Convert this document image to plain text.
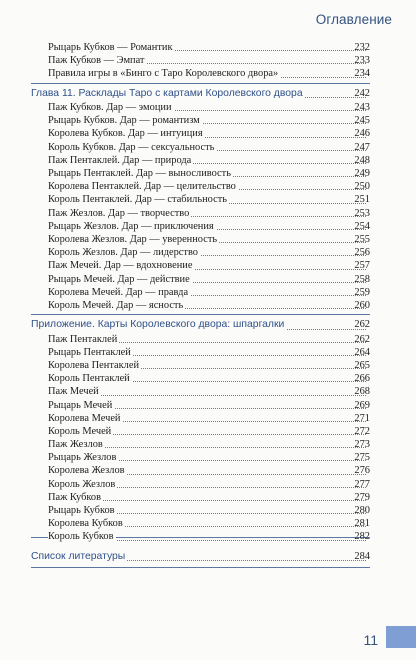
Оглавление
Рыцарь Кубков — Романтик	232
Паж Кубков — Эмпат	233
Правила игры в «Бинго с Таро Королевского двора»	234
Глава 11. Расклады Таро с картами Королевского двора	242
Паж Кубков. Дар — эмоции	243
Рыцарь Кубков. Дар — романтизм	245
Королева Кубков. Дар — интуиция	246
Король Кубков. Дар — сексуальность	247
Паж Пентаклей. Дар — природа	248
Рыцарь Пентаклей. Дар — выносливость	249
Королева Пентаклей. Дар — целительство	250
Король Пентаклей. Дар — стабильность	251
Паж Жезлов. Дар — творчество	253
Рыцарь Жезлов. Дар — приключения	254
Королева Жезлов. Дар — уверенность	255
Король Жезлов. Дар — лидерство	256
Паж Мечей. Дар — вдохновение	257
Рыцарь Мечей. Дар — действие	258
Королева Мечей. Дар — правда	259
Король Мечей. Дар — ясность	260
Приложение. Карты Королевского двора: шпаргалки	262
Паж Пентаклей	262
Рыцарь Пентаклей	264
Королева Пентаклей	265
Король Пентаклей	266
Паж Мечей	268
Рыцарь Мечей	269
Королева Мечей	271
Король Мечей	272
Паж Жезлов	273
Рыцарь Жезлов	275
Королева Жезлов	276
Король Жезлов	277
Паж Кубков	279
Рыцарь Кубков	280
Королева Кубков	281
Король Кубков	282
Список литературы	284
11
